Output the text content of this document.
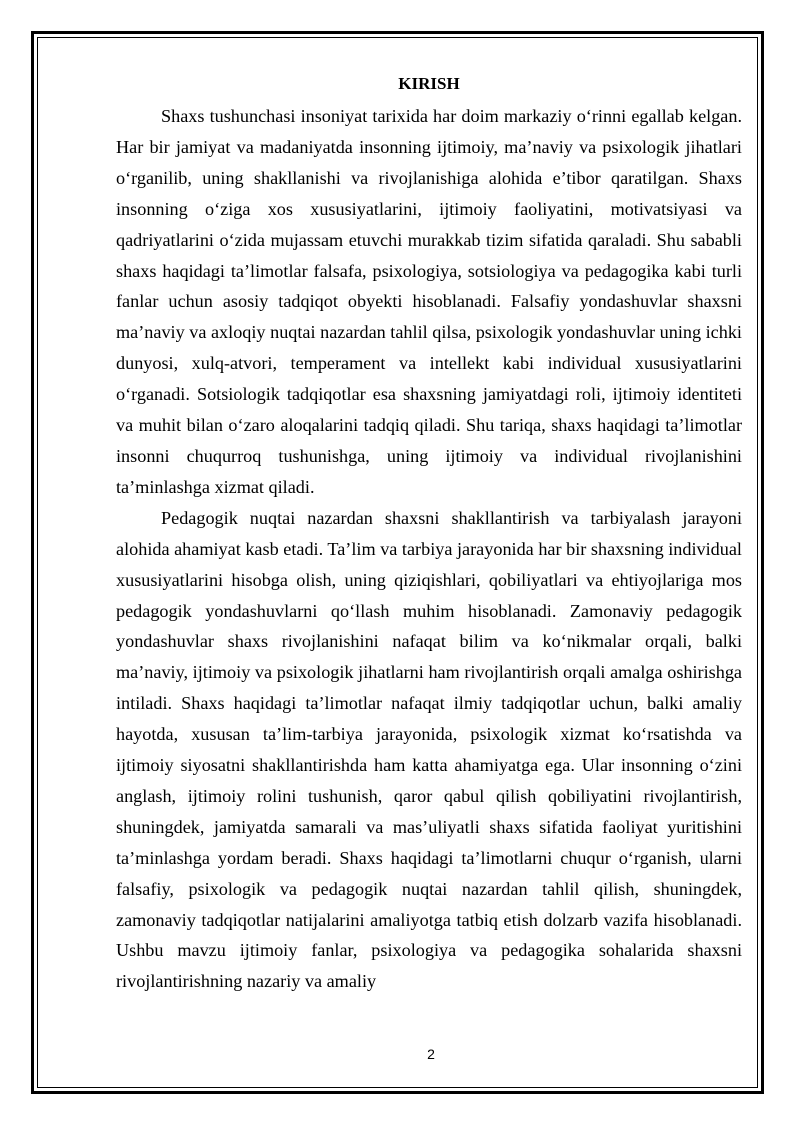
KIRISH

Shaxs tushunchasi insoniyat tarixida har doim markaziy o‘rinni egallab kelgan. Har bir jamiyat va madaniyatda insonning ijtimoiy, ma’naviy va psixologik jihatlari o‘rganilib, uning shakllanishi va rivojlanishiga alohida e’tibor qaratilgan. Shaxs insonning o‘ziga xos xususiyatlarini, ijtimoiy faoliyatini, motivatsiyasi va qadriyatlarini o‘zida mujassam etuvchi murakkab tizim sifatida qaraladi. Shu sababli shaxs haqidagi ta’limotlar falsafa, psixologiya, sotsiologiya va pedagogika kabi turli fanlar uchun asosiy tadqiqot obyekti hisoblanadi. Falsafiy yondashuvlar shaxsni ma’naviy va axloqiy nuqtai nazardan tahlil qilsa, psixologik yondashuvlar uning ichki dunyosi, xulq-atvori, temperament va intellekt kabi individual xususiyatlarini o‘rganadi. Sotsiologik tadqiqotlar esa shaxsning jamiyatdagi roli, ijtimoiy identiteti va muhit bilan o‘zaro aloqalarini tadqiq qiladi. Shu tariqa, shaxs haqidagi ta’limotlar insonni chuqurroq tushunishga, uning ijtimoiy va individual rivojlanishini ta’minlashga xizmat qiladi.

Pedagogik nuqtai nazardan shaxsni shakllantirish va tarbiyalash jarayoni alohida ahamiyat kasb etadi. Ta’lim va tarbiya jarayonida har bir shaxsning individual xususiyatlarini hisobga olish, uning qiziqishlari, qobiliyatlari va ehtiyojlariga mos pedagogik yondashuvlarni qo‘llash muhim hisoblanadi. Zamonaviy pedagogik yondashuvlar shaxs rivojlanishini nafaqat bilim va ko‘nikmalar orqali, balki ma’naviy, ijtimoiy va psixologik jihatlarni ham rivojlantirish orqali amalga oshirishga intiladi. Shaxs haqidagi ta’limotlar nafaqat ilmiy tadqiqotlar uchun, balki amaliy hayotda, xususan ta’lim-tarbiya jarayonida, psixologik xizmat ko‘rsatishda va ijtimoiy siyosatni shakllantirishda ham katta ahamiyatga ega. Ular insonning o‘zini anglash, ijtimoiy rolini tushunish, qaror qabul qilish qobiliyatini rivojlantirish, shuningdek, jamiyatda samarali va mas’uliyatli shaxs sifatida faoliyat yuritishini ta’minlashga yordam beradi. Shaxs haqidagi ta’limotlarni chuqur o‘rganish, ularni falsafiy, psixologik va pedagogik nuqtai nazardan tahlil qilish, shuningdek, zamonaviy tadqiqotlar natijalarini amaliyotga tatbiq etish dolzarb vazifa hisoblanadi. Ushbu mavzu ijtimoiy fanlar, psixologiya va pedagogika sohalarida shaxsni rivojlantirishning nazariy va amaliy

2
